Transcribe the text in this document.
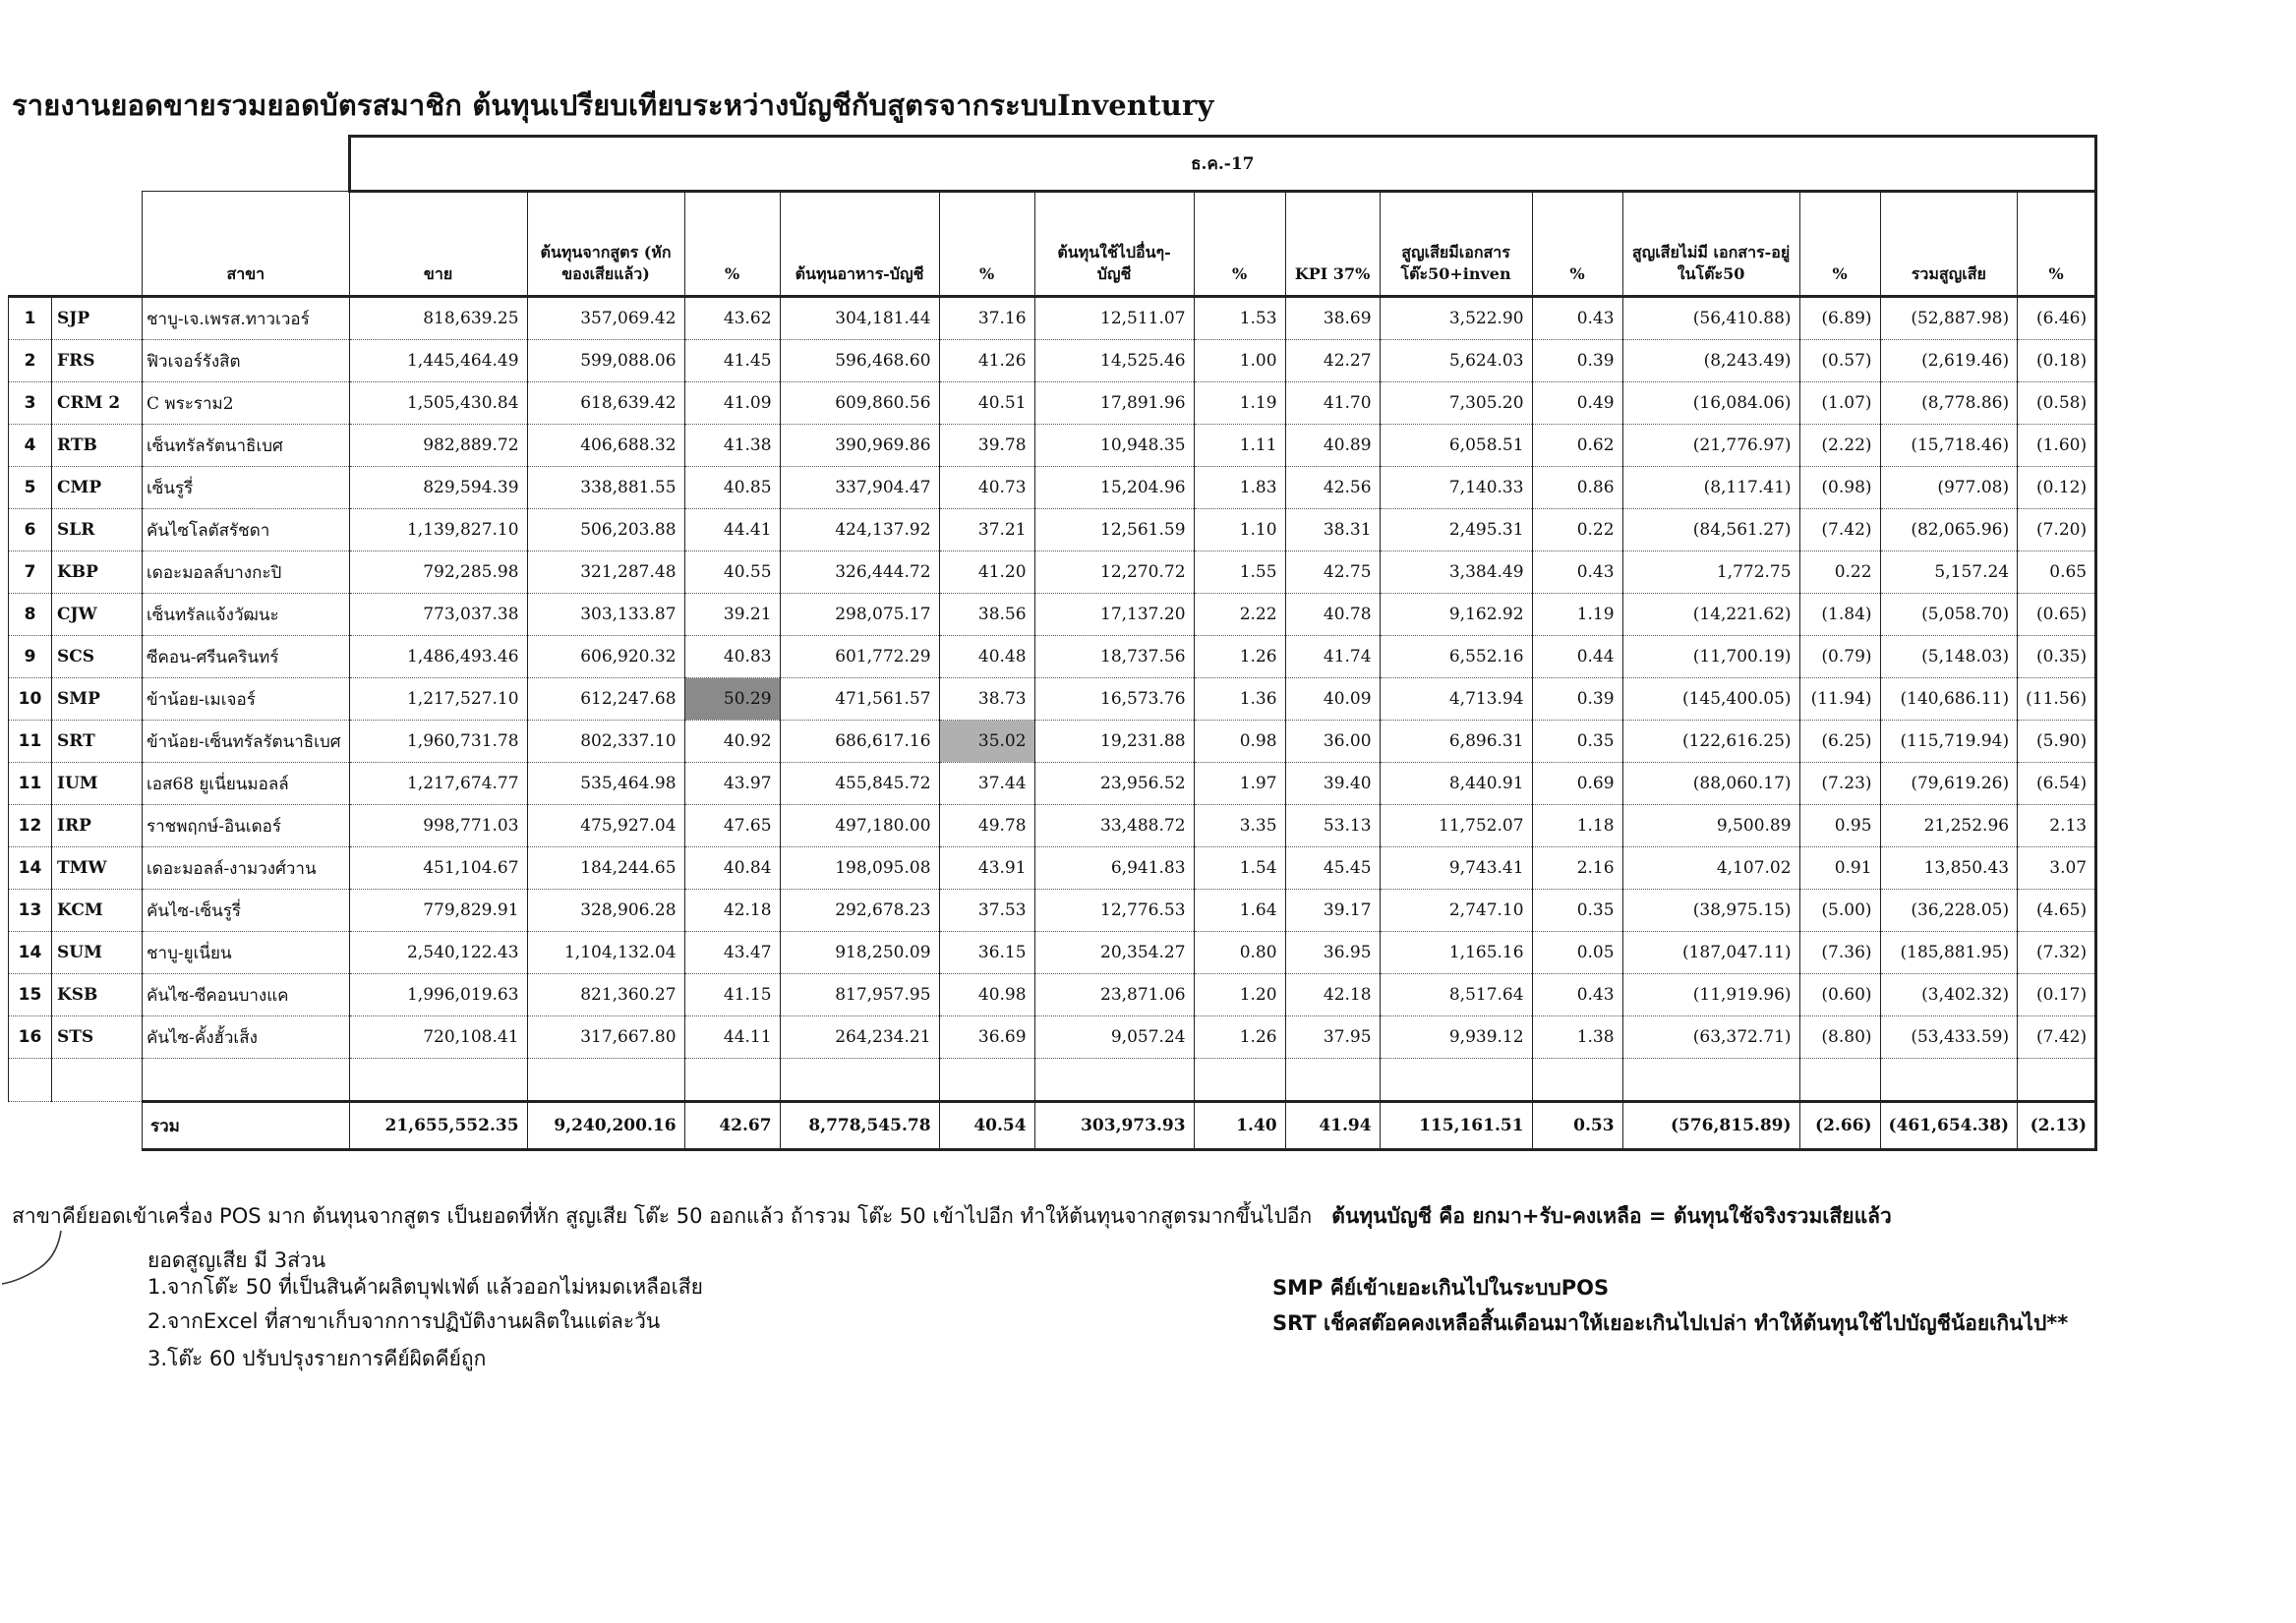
รายงานยอดขายรวมยอดบัตรสมาชิก ต้นทุนเปรียบเทียบระหว่างบัญชีกับสูตรจากระบบInventury
			ธ.ค.-17													
		สาขา	ขาย	ต้นทุนจากสูตร (หักของเสียแล้ว)	%	ต้นทุนอาหาร-บัญชี	%	ต้นทุนใช้ไปอื่นๆ- บัญชี	%	KPI 37%	สูญเสียมีเอกสาร โต๊ะ50+inven	%	สูญเสียไม่มี เอกสาร-อยู่ในโต๊ะ50	%	รวมสูญเสีย	%
1	SJP	ชาบู-เจ.เพรส.ทาวเวอร์	818,639.25	357,069.42	43.62	304,181.44	37.16	12,511.07	1.53	38.69	3,522.90	0.43	(56,410.88)	(6.89)	(52,887.98)	(6.46)
2	FRS	ฟิวเจอร์รังสิต	1,445,464.49	599,088.06	41.45	596,468.60	41.26	14,525.46	1.00	42.27	5,624.03	0.39	(8,243.49)	(0.57)	(2,619.46)	(0.18)
3	CRM 2	C พระราม2	1,505,430.84	618,639.42	41.09	609,860.56	40.51	17,891.96	1.19	41.70	7,305.20	0.49	(16,084.06)	(1.07)	(8,778.86)	(0.58)
4	RTB	เซ็นทรัลรัตนาธิเบศ	982,889.72	406,688.32	41.38	390,969.86	39.78	10,948.35	1.11	40.89	6,058.51	0.62	(21,776.97)	(2.22)	(15,718.46)	(1.60)
5	CMP	เซ็นรูรี่	829,594.39	338,881.55	40.85	337,904.47	40.73	15,204.96	1.83	42.56	7,140.33	0.86	(8,117.41)	(0.98)	(977.08)	(0.12)
6	SLR	คันไซโลตัสรัชดา	1,139,827.10	506,203.88	44.41	424,137.92	37.21	12,561.59	1.10	38.31	2,495.31	0.22	(84,561.27)	(7.42)	(82,065.96)	(7.20)
7	KBP	เดอะมอลล์บางกะปิ	792,285.98	321,287.48	40.55	326,444.72	41.20	12,270.72	1.55	42.75	3,384.49	0.43	1,772.75	0.22	5,157.24	0.65
8	CJW	เซ็นทรัลแจ้งวัฒนะ	773,037.38	303,133.87	39.21	298,075.17	38.56	17,137.20	2.22	40.78	9,162.92	1.19	(14,221.62)	(1.84)	(5,058.70)	(0.65)
9	SCS	ซีคอน-ศรีนครินทร์	1,486,493.46	606,920.32	40.83	601,772.29	40.48	18,737.56	1.26	41.74	6,552.16	0.44	(11,700.19)	(0.79)	(5,148.03)	(0.35)
10	SMP	ข้าน้อย-เมเจอร์	1,217,527.10	612,247.68	50.29	471,561.57	38.73	16,573.76	1.36	40.09	4,713.94	0.39	(145,400.05)	(11.94)	(140,686.11)	(11.56)
11	SRT	ข้าน้อย-เซ็นทรัลรัตนาธิเบศ	1,960,731.78	802,337.10	40.92	686,617.16	35.02	19,231.88	0.98	36.00	6,896.31	0.35	(122,616.25)	(6.25)	(115,719.94)	(5.90)
11	IUM	เอส68 ยูเนี่ยนมอลล์	1,217,674.77	535,464.98	43.97	455,845.72	37.44	23,956.52	1.97	39.40	8,440.91	0.69	(88,060.17)	(7.23)	(79,619.26)	(6.54)
12	IRP	ราชพฤกษ์-อินเดอร์	998,771.03	475,927.04	47.65	497,180.00	49.78	33,488.72	3.35	53.13	11,752.07	1.18	9,500.89	0.95	21,252.96	2.13
14	TMW	เดอะมอลล์-งามวงศ์วาน	451,104.67	184,244.65	40.84	198,095.08	43.91	6,941.83	1.54	45.45	9,743.41	2.16	4,107.02	0.91	13,850.43	3.07
13	KCM	คันไซ-เซ็นรูรี่	779,829.91	328,906.28	42.18	292,678.23	37.53	12,776.53	1.64	39.17	2,747.10	0.35	(38,975.15)	(5.00)	(36,228.05)	(4.65)
14	SUM	ชาบู-ยูเนี่ยน	2,540,122.43	1,104,132.04	43.47	918,250.09	36.15	20,354.27	0.80	36.95	1,165.16	0.05	(187,047.11)	(7.36)	(185,881.95)	(7.32)
15	KSB	คันไซ-ซีคอนบางแค	1,996,019.63	821,360.27	41.15	817,957.95	40.98	23,871.06	1.20	42.18	8,517.64	0.43	(11,919.96)	(0.60)	(3,402.32)	(0.17)
16	STS	คันไซ-คั้งฮั้วเส็ง	720,108.41	317,667.80	44.11	264,234.21	36.69	9,057.24	1.26	37.95	9,939.12	1.38	(63,372.71)	(8.80)	(53,433.59)	(7.42)

		รวม	21,655,552.35	9,240,200.16	42.67	8,778,545.78	40.54	303,973.93	1.40	41.94	115,161.51	0.53	(576,815.89)	(2.66)	(461,654.38)	(2.13)
สาขาคีย์ยอดเข้าเครื่อง POS มาก ต้นทุนจากสูตร เป็นยอดที่หัก สูญเสีย โต๊ะ 50 ออกแล้ว ถ้ารวม โต๊ะ 50 เข้าไปอีก ทำให้ต้นทุนจากสูตรมากขึ้นไปอีก ต้นทุนบัญชี คือ ยกมา+รับ-คงเหลือ = ต้นทุนใช้จริงรวมเสียแล้ว
ยอดสูญเสีย มี 3ส่วน
1.จากโต๊ะ 50 ที่เป็นสินค้าผลิตบุฟเฟ่ต์ แล้วออกไม่หมดเหลือเสีย
2.จากExcel ที่สาขาเก็บจากการปฏิบัติงานผลิตในแต่ละวัน
3.โต๊ะ 60 ปรับปรุงรายการคีย์ผิดคีย์ถูก
SMP คีย์เข้าเยอะเกินไปในระบบPOS
SRT เช็คสต๊อคคงเหลือสิ้นเดือนมาให้เยอะเกินไปเปล่า ทำให้ต้นทุนใช้ไปบัญชีน้อยเกินไป**
